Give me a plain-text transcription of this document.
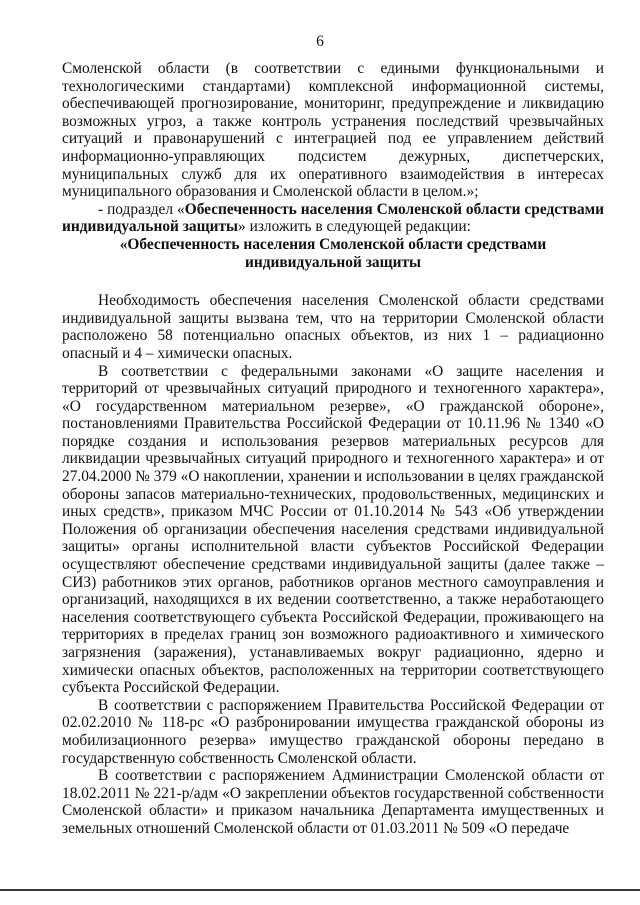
6

Смоленской области (в соответствии с едиными функциональными и технологическими стандартами) комплексной информационной системы, обеспечивающей прогнозирование, мониторинг, предупреждение и ликвидацию возможных угроз, а также контроль устранения последствий чрезвычайных ситуаций и правонарушений с интеграцией под ее управлением действий информационно-управляющих подсистем дежурных, диспетчерских, муниципальных служб для их оперативного взаимодействия в интересах муниципального образования и Смоленской области в целом.»;

- подраздел «Обеспеченность населения Смоленской области средствами индивидуальной защиты» изложить в следующей редакции:

«Обеспеченность населения Смоленской области средствами индивидуальной защиты

Необходимость обеспечения населения Смоленской области средствами индивидуальной защиты вызвана тем, что на территории Смоленской области расположено 58 потенциально опасных объектов, из них 1 – радиационно опасный и 4 – химически опасных.

В соответствии с федеральными законами «О защите населения и территорий от чрезвычайных ситуаций природного и техногенного характера», «О государственном материальном резерве», «О гражданской обороне», постановлениями Правительства Российской Федерации от 10.11.96 № 1340 «О порядке создания и использования резервов материальных ресурсов для ликвидации чрезвычайных ситуаций природного и техногенного характера» и от 27.04.2000 № 379 «О накоплении, хранении и использовании в целях гражданской обороны запасов материально-технических, продовольственных, медицинских и иных средств», приказом МЧС России от 01.10.2014 № 543 «Об утверждении Положения об организации обеспечения населения средствами индивидуальной защиты» органы исполнительной власти субъектов Российской Федерации осуществляют обеспечение средствами индивидуальной защиты (далее также – СИЗ) работников этих органов, работников органов местного самоуправления и организаций, находящихся в их ведении соответственно, а также неработающего населения соответствующего субъекта Российской Федерации, проживающего на территориях в пределах границ зон возможного радиоактивного и химического загрязнения (заражения), устанавливаемых вокруг радиационно, ядерно и химически опасных объектов, расположенных на территории соответствующего субъекта Российской Федерации.

В соответствии с распоряжением Правительства Российской Федерации от 02.02.2010 № 118-рс «О разбронировании имущества гражданской обороны из мобилизационного резерва» имущество гражданской обороны передано в государственную собственность Смоленской области.

В соответствии с распоряжением Администрации Смоленской области от 18.02.2011 № 221-р/адм «О закреплении объектов государственной собственности Смоленской области» и приказом начальника Департамента имущественных и земельных отношений Смоленской области от 01.03.2011 № 509 «О передаче
